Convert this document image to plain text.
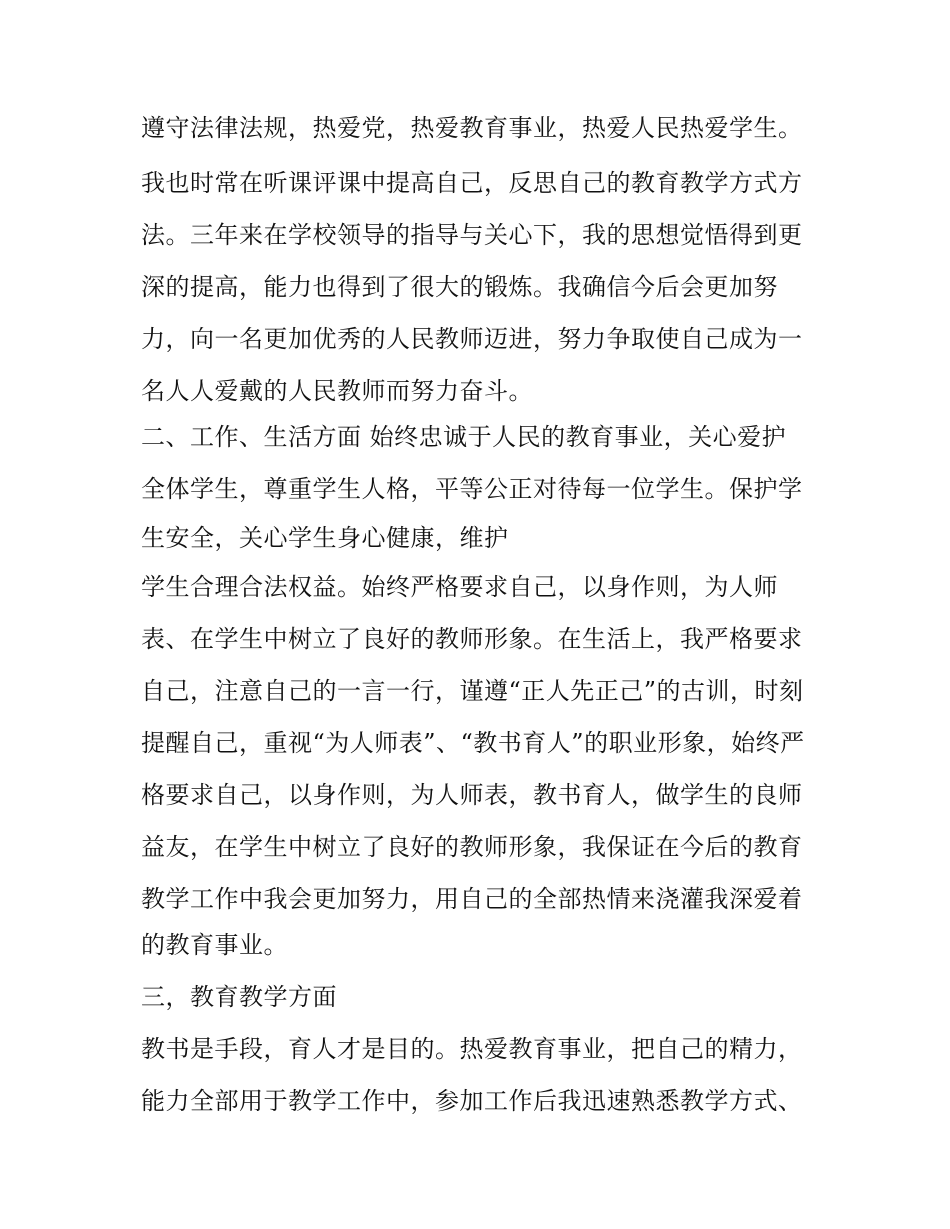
遵守法律法规，热爱党，热爱教育事业，热爱人民热爱学生。
我也时常在听课评课中提高自己，反思自己的教育教学方式方
法。三年来在学校领导的指导与关心下，我的思想觉悟得到更
深的提高，能力也得到了很大的锻炼。我确信今后会更加努
力，向一名更加优秀的人民教师迈进，努力争取使自己成为一
名人人爱戴的人民教师而努力奋斗。
二、工作、生活方面 始终忠诚于人民的教育事业，关心爱护
全体学生，尊重学生人格，平等公正对待每一位学生。保护学
生安全，关心学生身心健康，维护
学生合理合法权益。始终严格要求自己，以身作则，为人师
表、在学生中树立了良好的教师形象。在生活上，我严格要求
自己，注意自己的一言一行，谨遵“正人先正己”的古训，时刻
提醒自己，重视“为人师表”、“教书育人”的职业形象，始终严
格要求自己，以身作则，为人师表，教书育人，做学生的良师
益友，在学生中树立了良好的教师形象，我保证在今后的教育
教学工作中我会更加努力，用自己的全部热情来浇灌我深爱着
的教育事业。
三，教育教学方面
教书是手段，育人才是目的。热爱教育事业，把自己的精力，
能力全部用于教学工作中，参加工作后我迅速熟悉教学方式、
